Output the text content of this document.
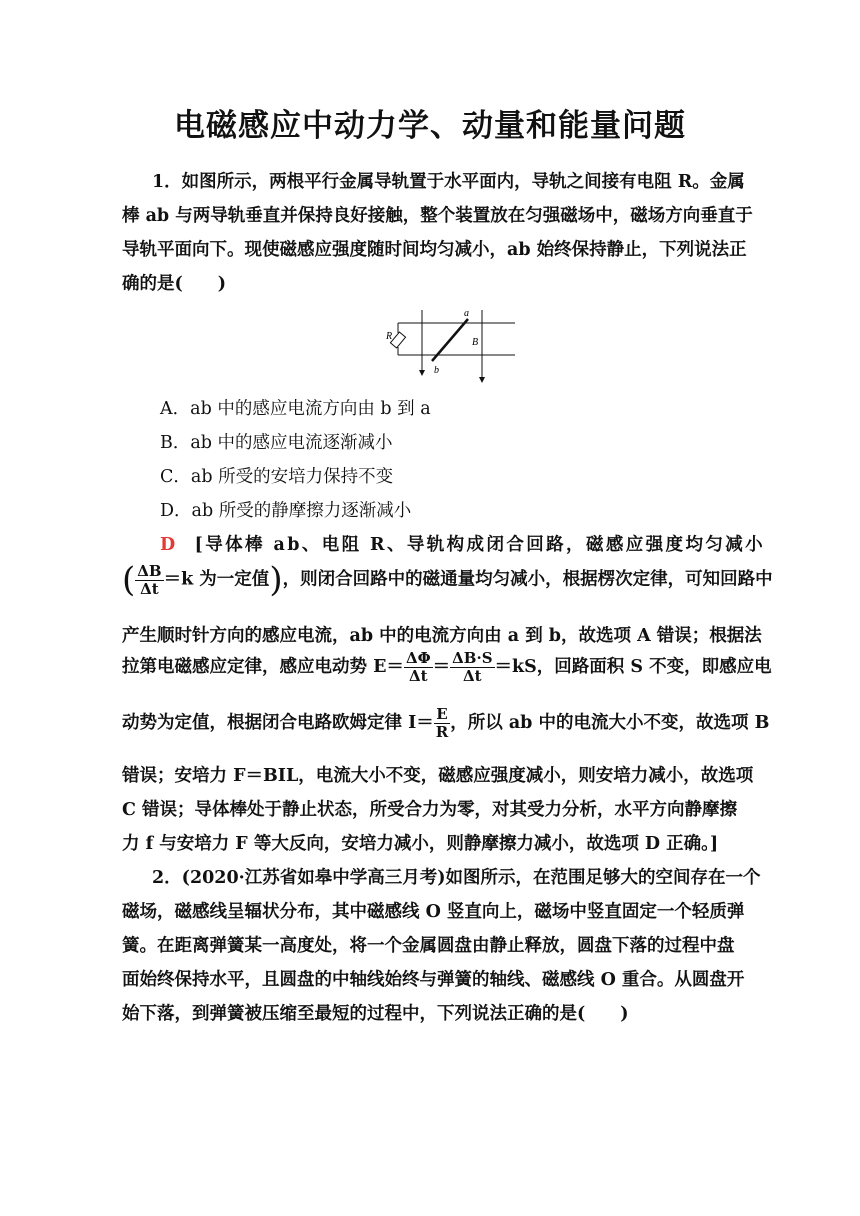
电磁感应中动力学、动量和能量问题
1．如图所示，两根平行金属导轨置于水平面内，导轨之间接有电阻 R。金属
棒 ab 与两导轨垂直并保持良好接触，整个装置放在匀强磁场中，磁场方向垂直于
导轨平面向下。现使磁感应强度随时间均匀减小，ab 始终保持静止，下列说法正
确的是(　　)
R
a
b
B
A．ab 中的感应电流方向由 b 到 a
B．ab 中的感应电流逐渐减小
C．ab 所受的安培力保持不变
D．ab 所受的静摩擦力逐渐减小
D [导体棒 ab、电阻 R、导轨构成闭合回路，磁感应强度均匀减小
( $\frac{\Delta B}{\Delta t} =k$ 为一定值)，则闭合回路中的磁通量均匀减小，根据楞次定律，可知回路中
产生顺时针方向的感应电流，ab 中的电流方向由 a 到 b，故选项 A 错误；根据法
拉第电磁感应定律，感应电动势 $E= \frac{\Delta\Phi}{\Delta t} = \frac{\Delta B\cdot S}{\Delta t} =kS$，回路面积 S 不变，即感应电
动势为定值，根据闭合电路欧姆定律 $I= \frac{E}{R}$ ，所以 ab 中的电流大小不变，故选项 B
错误；安培力 F＝BIL，电流大小不变，磁感应强度减小，则安培力减小，故选项
C 错误；导体棒处于静止状态，所受合力为零，对其受力分析，水平方向静摩擦
力 f 与安培力 F 等大反向，安培力减小，则静摩擦力减小，故选项 D 正确。]
2．(2020·江苏省如皋中学高三月考)如图所示，在范围足够大的空间存在一个
磁场，磁感线呈辐状分布，其中磁感线 O 竖直向上，磁场中竖直固定一个轻质弹
簧。在距离弹簧某一高度处，将一个金属圆盘由静止释放，圆盘下落的过程中盘
面始终保持水平，且圆盘的中轴线始终与弹簧的轴线、磁感线 O 重合。从圆盘开
始下落，到弹簧被压缩至最短的过程中，下列说法正确的是(　　)
